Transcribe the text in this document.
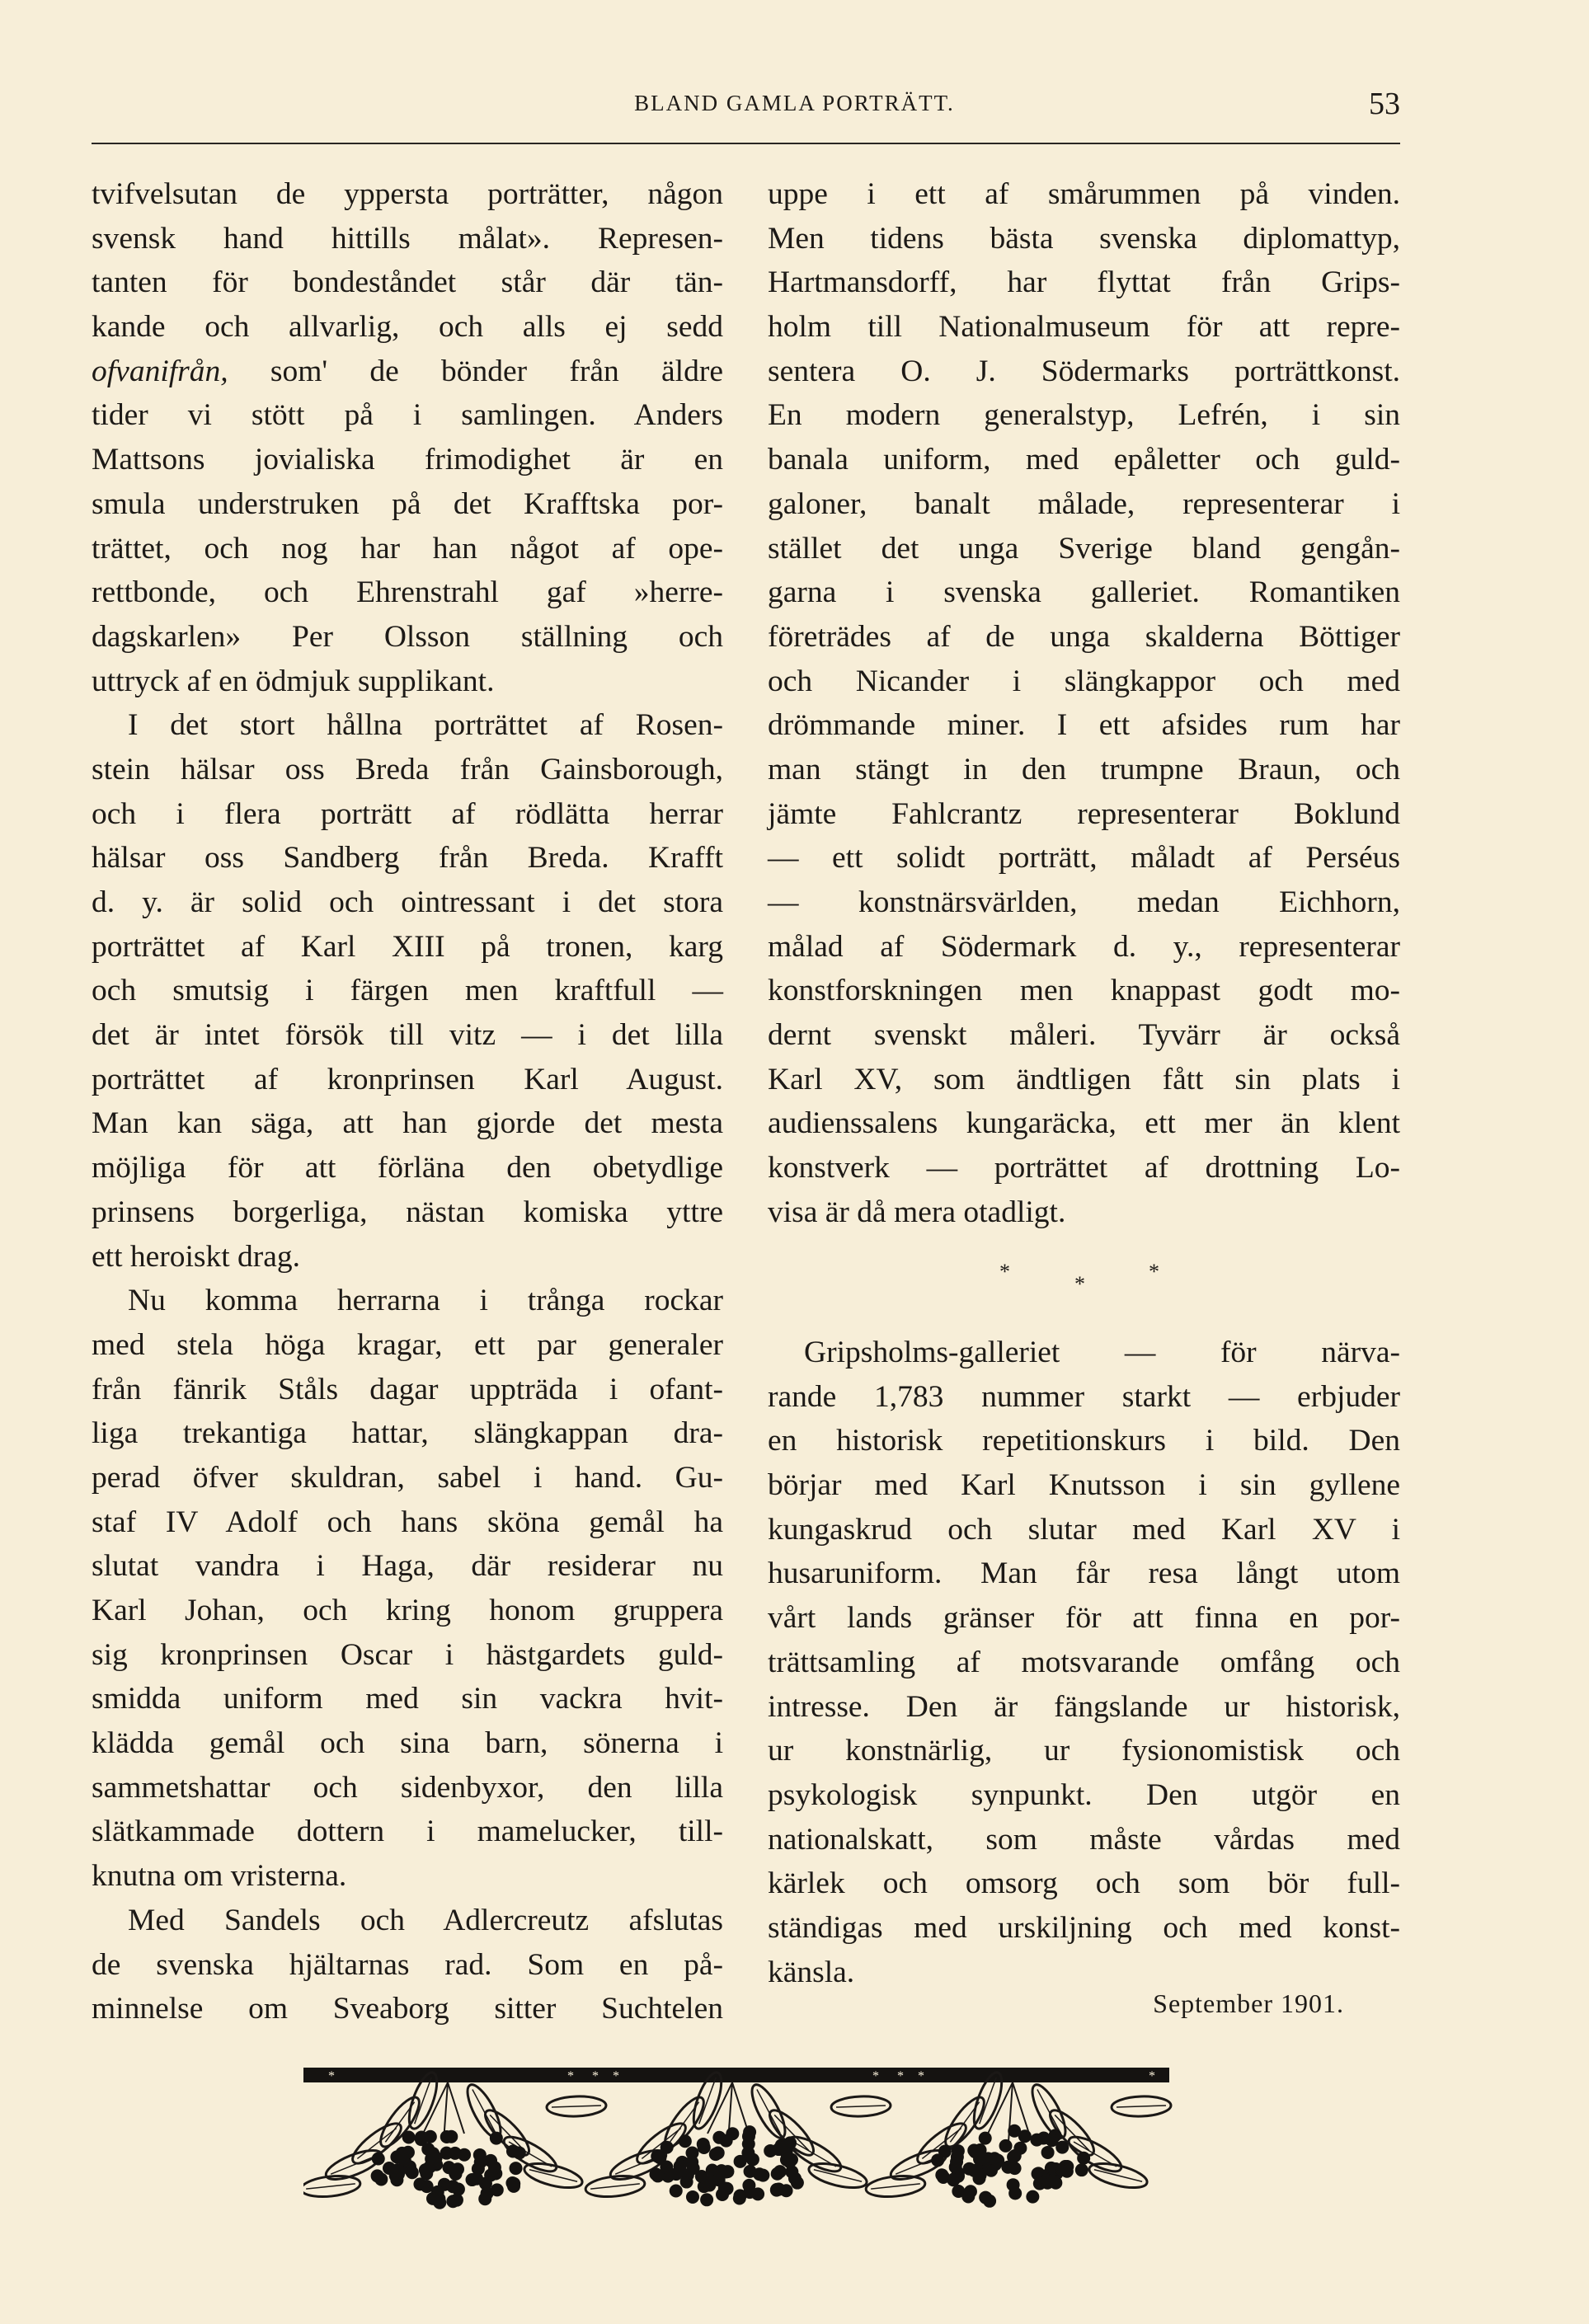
BLAND GAMLA PORTRÄTT.	53
tvifvelsutan de yppersta porträtter, någon
svensk hand hittills målat». Represen-
tanten för bondeståndet står där tän-
kande och allvarlig, och alls ej sedd
ofvanifrån, som' de bönder från äldre
tider vi stött på i samlingen. Anders
Mattsons jovialiska frimodighet är en
smula understruken på det Krafftska por-
trättet, och nog har han något af ope-
rettbonde, och Ehrenstrahl gaf »herre-
dagskarlen» Per Olsson ställning och
uttryck af en ödmjuk supplikant.
I det stort hållna porträttet af Rosen-
stein hälsar oss Breda från Gainsborough,
och i flera porträtt af rödlätta herrar
hälsar oss Sandberg från Breda. Krafft
d. y. är solid och ointressant i det stora
porträttet af Karl XIII på tronen, karg
och smutsig i färgen men kraftfull —
det är intet försök till vitz — i det lilla
porträttet af kronprinsen Karl August.
Man kan säga, att han gjorde det mesta
möjliga för att förläna den obetydlige
prinsens borgerliga, nästan komiska yttre
ett heroiskt drag.
Nu komma herrarna i trånga rockar
med stela höga kragar, ett par generaler
från fänrik Ståls dagar uppträda i ofant-
liga trekantiga hattar, slängkappan dra-
perad öfver skuldran, sabel i hand. Gu-
staf IV Adolf och hans sköna gemål ha
slutat vandra i Haga, där residerar nu
Karl Johan, och kring honom gruppera
sig kronprinsen Oscar i hästgardets guld-
smidda uniform med sin vackra hvit-
klädda gemål och sina barn, sönerna i
sammetshattar och sidenbyxor, den lilla
slätkammade dottern i mamelucker, till-
knutna om vristerna.
Med Sandels och Adlercreutz afslutas
de svenska hjältarnas rad. Som en på-
minnelse om Sveaborg sitter Suchtelen
uppe i ett af smårummen på vinden.
Men tidens bästa svenska diplomattyp,
Hartmansdorff, har flyttat från Grips-
holm till Nationalmuseum för att repre-
sentera O. J. Södermarks porträttkonst.
En modern generalstyp, Lefrén, i sin
banala uniform, med epåletter och guld-
galoner, banalt målade, representerar i
stället det unga Sverige bland gengån-
garna i svenska galleriet. Romantiken
företrädes af de unga skalderna Böttiger
och Nicander i slängkappor och med
drömmande miner. I ett afsides rum har
man stängt in den trumpne Braun, och
jämte Fahlcrantz representerar Boklund
— ett solidt porträtt, måladt af Perséus
— konstnärsvärlden, medan Eichhorn,
målad af Södermark d. y., representerar
konstforskningen men knappast godt mo-
dernt svenskt måleri. Tyvärr är också
Karl XV, som ändtligen fått sin plats i
audienssalens kungaräcka, ett mer än klent
konstverk — porträttet af drottning Lo-
visa är då mera otadligt.
*
*
*
Gripsholms-galleriet — för närva-
rande 1,783 nummer starkt — erbjuder
en historisk repetitionskurs i bild. Den
börjar med Karl Knutsson i sin gyllene
kungaskrud och slutar med Karl XV i
husaruniform. Man får resa långt utom
vårt lands gränser för att finna en por-
trättsamling af motsvarande omfång och
intresse. Den är fängslande ur historisk,
ur konstnärlig, ur fysionomistisk och
psykologisk synpunkt. Den utgör en
nationalskatt, som måste vårdas med
kärlek och omsorg och som bör full-
ständigas med urskiljning och med konst-
känsla.
September 1901.
*	* * *	* * *	*
